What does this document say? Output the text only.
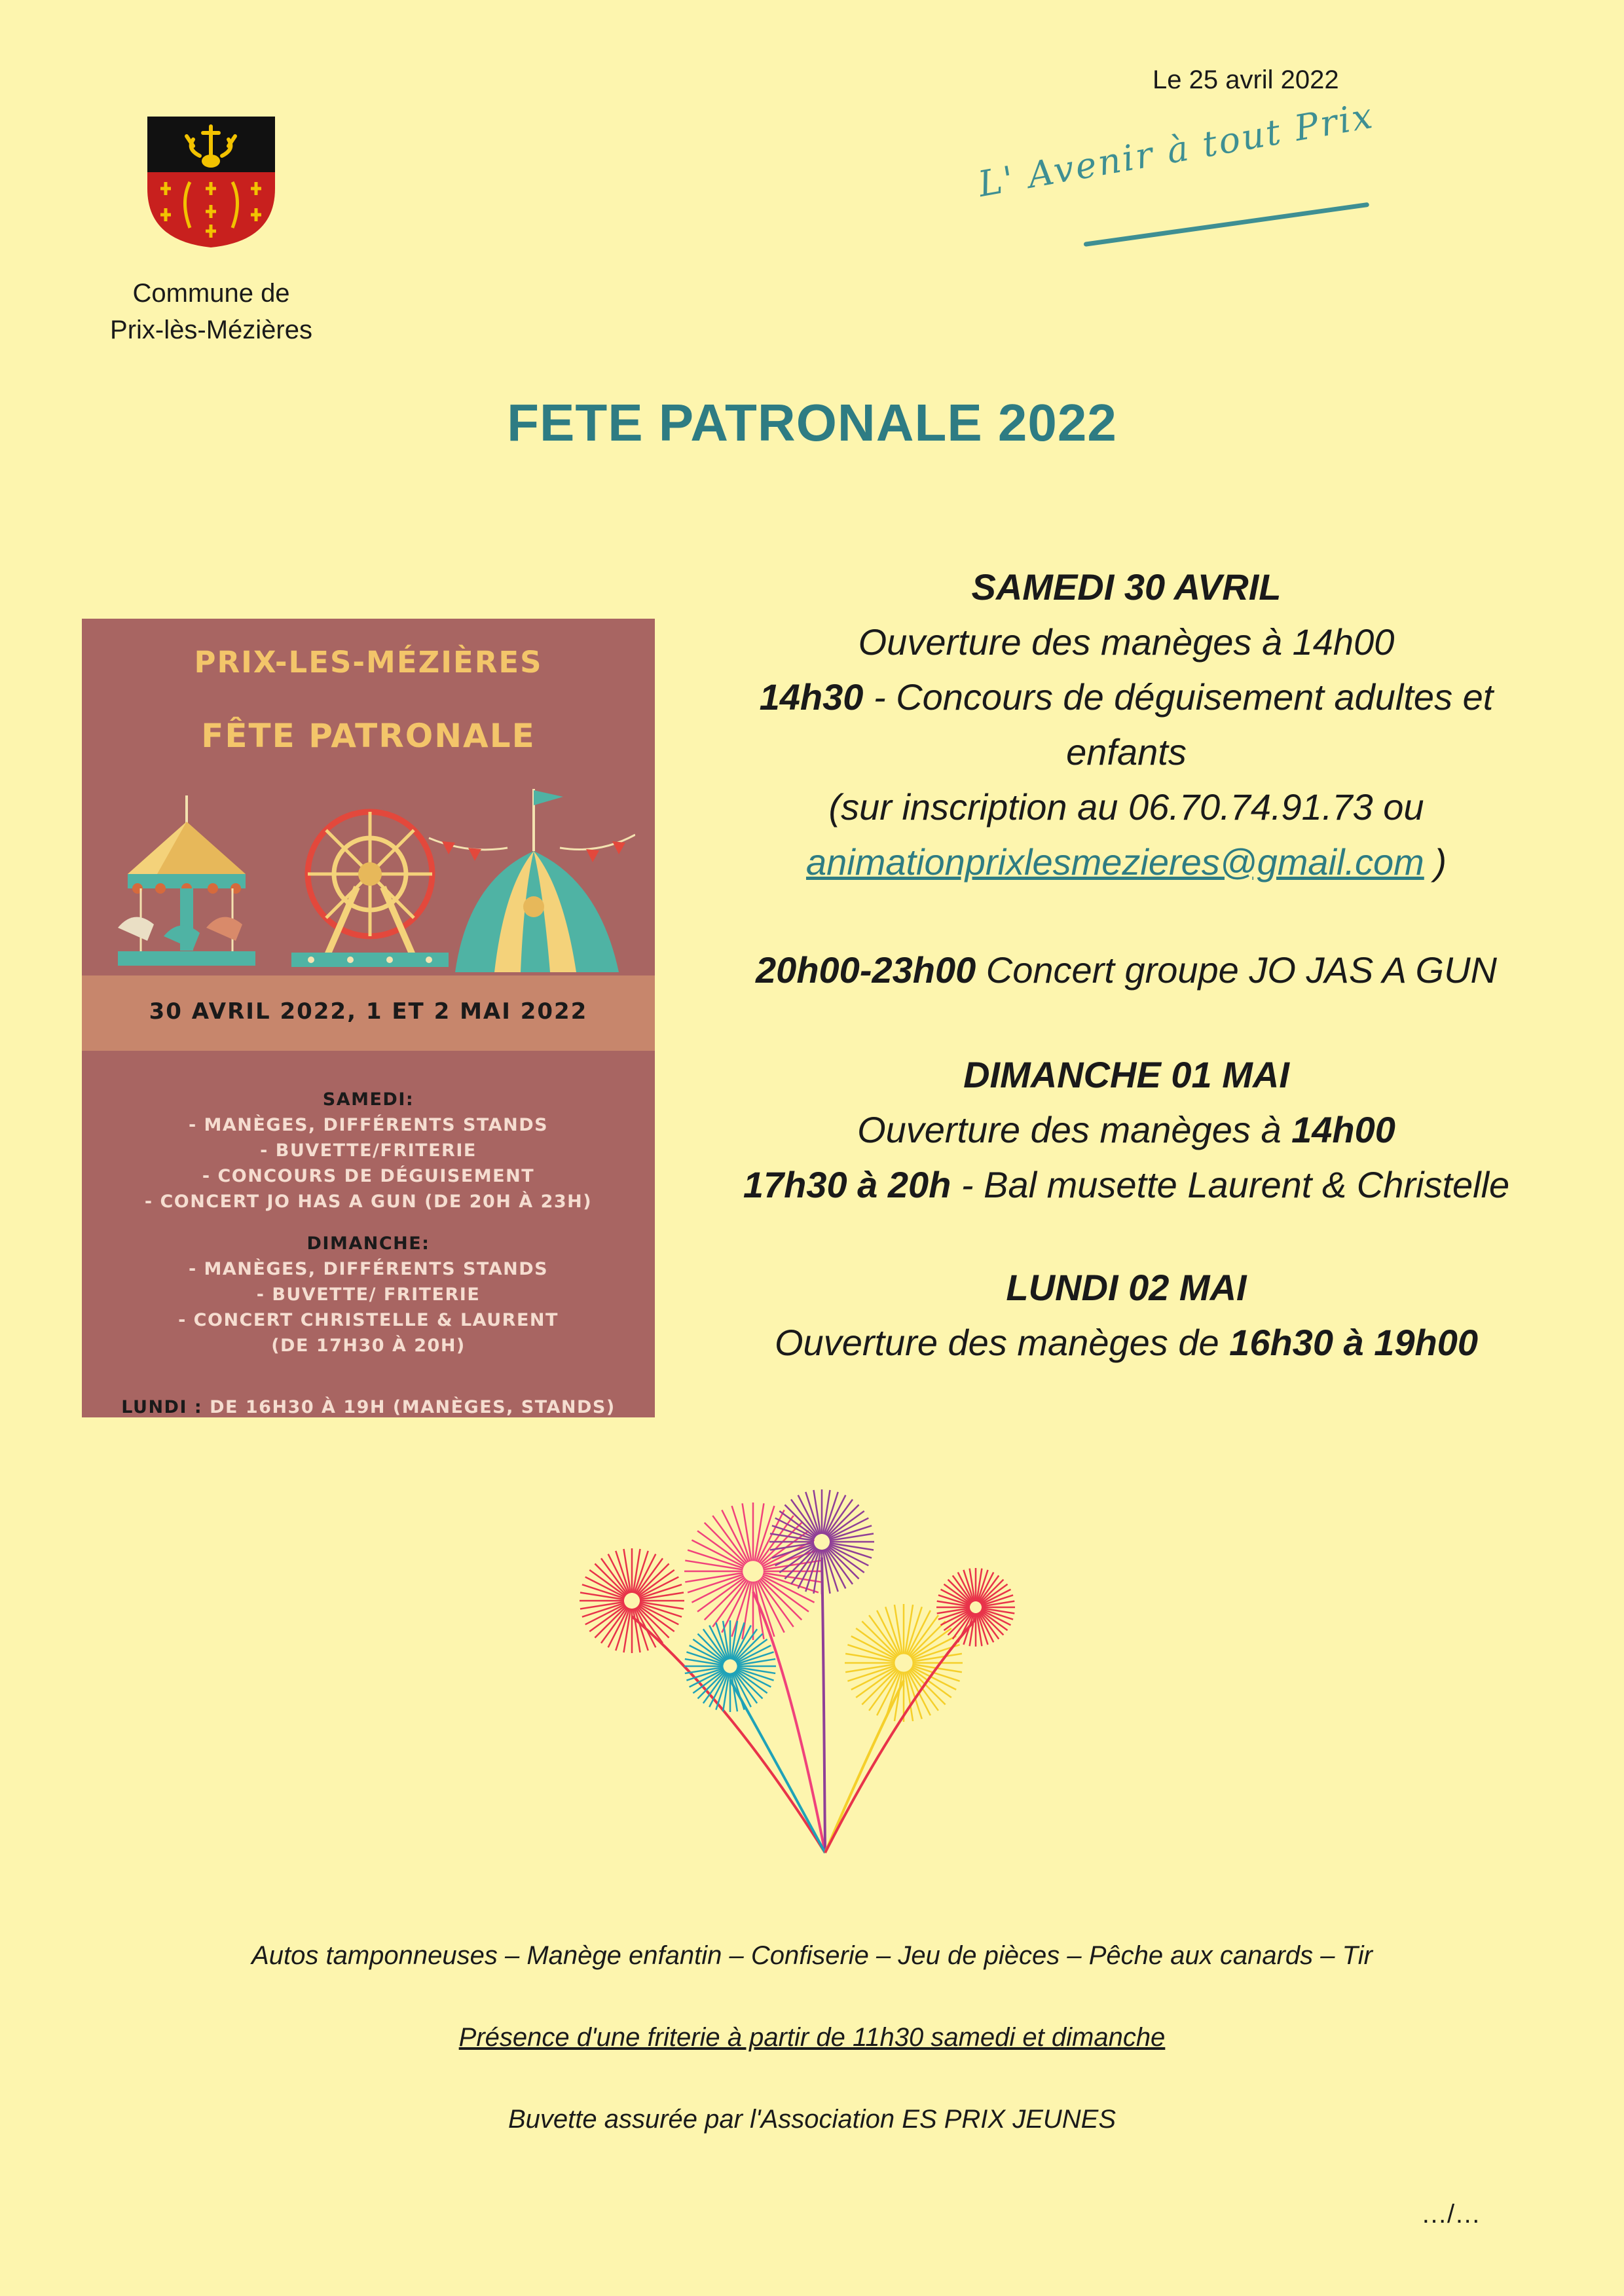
Le 25 avril 2022
Commune de
Prix-lès-Mézières
L' Avenir à tout Prix
FETE PATRONALE 2022
PRIX-LES-MÉZIÈRES
FÊTE PATRONALE
30 AVRIL 2022, 1 ET 2 MAI 2022
SAMEDI:
- MANÈGES, DIFFÉRENTS STANDS
- BUVETTE/FRITERIE
- CONCOURS DE DÉGUISEMENT
- CONCERT JO HAS A GUN (DE 20H À 23H)
DIMANCHE:
- MANÈGES, DIFFÉRENTS STANDS
- BUVETTE/ FRITERIE
- CONCERT CHRISTELLE & LAURENT
(DE 17H30 À 20H)
LUNDI : DE 16H30 À 19H (MANÈGES, STANDS)
SAMEDI 30 AVRIL
Ouverture des manèges à 14h00
14h30 - Concours de déguisement adultes et
enfants
(sur inscription au 06.70.74.91.73 ou
animationprixlesmezieres@gmail.com )
20h00-23h00 Concert groupe JO JAS A GUN
DIMANCHE 01 MAI
Ouverture des manèges à 14h00
17h30 à 20h - Bal musette Laurent & Christelle
LUNDI 02 MAI
Ouverture des manèges de 16h30 à 19h00
Autos tamponneuses – Manège enfantin – Confiserie – Jeu de pièces – Pêche aux canards – Tir
Présence d'une friterie à partir de 11h30 samedi et dimanche
Buvette assurée par l'Association ES PRIX JEUNES
…/…
